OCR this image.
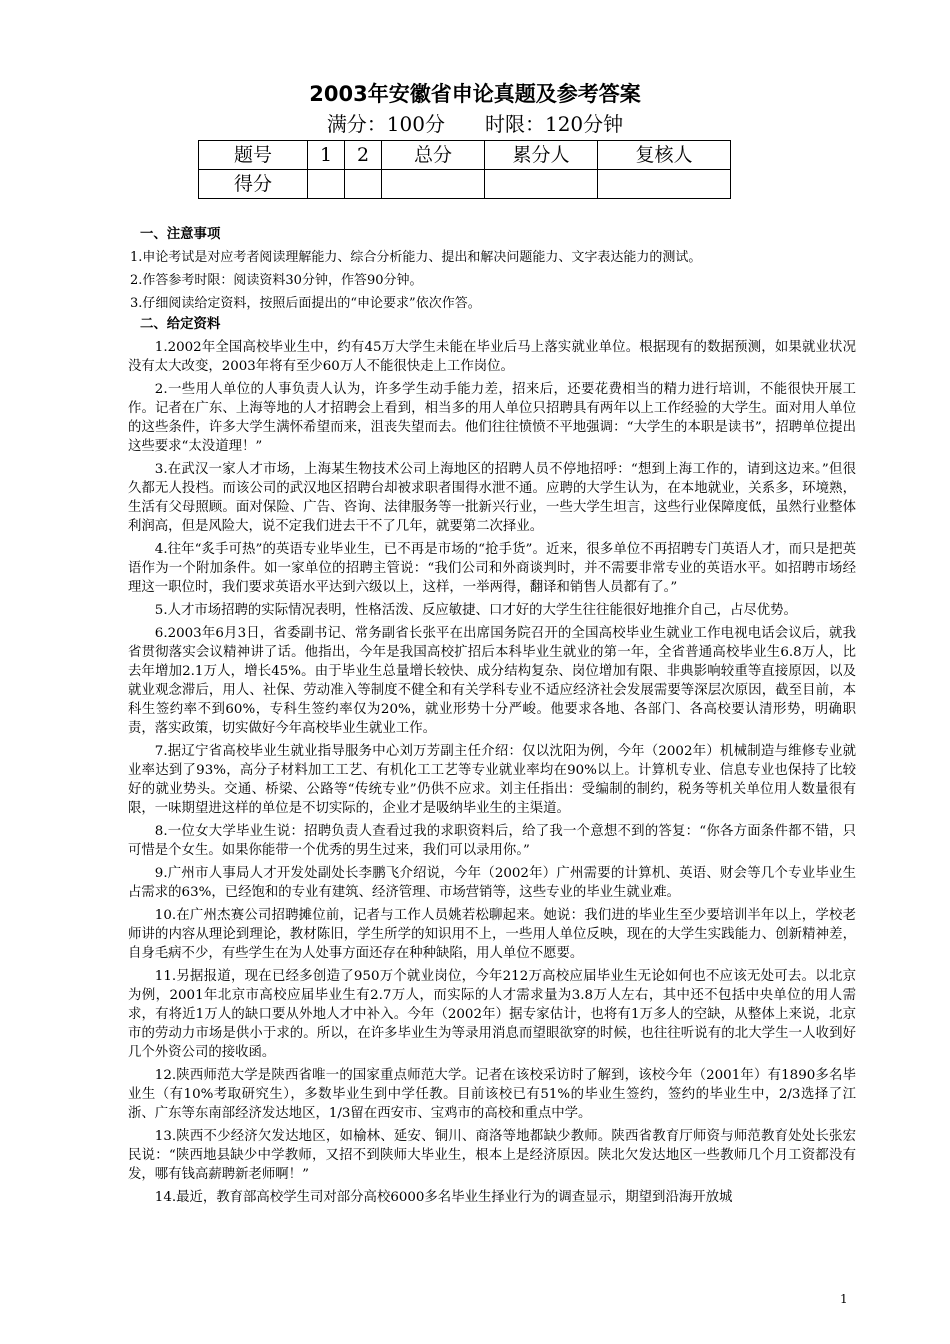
2003年安徽省申论真题及参考答案
满分：100分　　时限：120分钟
题号	1	2	总分	累分人	复核人
得分					

一、注意事项

1.申论考试是对应考者阅读理解能力、综合分析能力、提出和解决问题能力、文字表达能力的测试。

2.作答参考时限：阅读资料30分钟，作答90分钟。

3.仔细阅读给定资料，按照后面提出的“申论要求”依次作答。

二、给定资料

1.2002年全国高校毕业生中，约有45万大学生未能在毕业后马上落实就业单位。根据现有的数据预测，如果就业状况没有太大改变，2003年将有至少60万人不能很快走上工作岗位。

2.一些用人单位的人事负责人认为，许多学生动手能力差，招来后，还要花费相当的精力进行培训，不能很快开展工作。记者在广东、上海等地的人才招聘会上看到，相当多的用人单位只招聘具有两年以上工作经验的大学生。面对用人单位的这些条件，许多大学生满怀希望而来，沮丧失望而去。他们往往愤愤不平地强调：“大学生的本职是读书”，招聘单位提出这些要求“太没道理！”

3.在武汉一家人才市场，上海某生物技术公司上海地区的招聘人员不停地招呼：“想到上海工作的，请到这边来。”但很久都无人投档。而该公司的武汉地区招聘台却被求职者围得水泄不通。应聘的大学生认为，在本地就业，关系多，环境熟，生活有父母照顾。面对保险、广告、咨询、法律服务等一批新兴行业，一些大学生坦言，这些行业保障度低，虽然行业整体利润高，但是风险大，说不定我们进去干不了几年，就要第二次择业。

4.往年“炙手可热”的英语专业毕业生，已不再是市场的“抢手货”。近来，很多单位不再招聘专门英语人才，而只是把英语作为一个附加条件。如一家单位的招聘主管说：“我们公司和外商谈判时，并不需要非常专业的英语水平。如招聘市场经理这一职位时，我们要求英语水平达到六级以上，这样，一举两得，翻译和销售人员都有了。”

5.人才市场招聘的实际情况表明，性格活泼、反应敏捷、口才好的大学生往往能很好地推介自己，占尽优势。

6.2003年6月3日，省委副书记、常务副省长张平在出席国务院召开的全国高校毕业生就业工作电视电话会议后，就我省贯彻落实会议精神讲了话。他指出，今年是我国高校扩招后本科毕业生就业的第一年，全省普通高校毕业生6.8万人，比去年增加2.1万人，增长45%。由于毕业生总量增长较快、成分结构复杂、岗位增加有限、非典影响较重等直接原因，以及就业观念滞后，用人、社保、劳动准入等制度不健全和有关学科专业不适应经济社会发展需要等深层次原因，截至目前，本科生签约率不到60%，专科生签约率仅为20%，就业形势十分严峻。他要求各地、各部门、各高校要认清形势，明确职责，落实政策，切实做好今年高校毕业生就业工作。

7.据辽宁省高校毕业生就业指导服务中心刘万芳副主任介绍：仅以沈阳为例，今年（2002年）机械制造与维修专业就业率达到了93%，高分子材料加工工艺、有机化工工艺等专业就业率均在90%以上。计算机专业、信息专业也保持了比较好的就业势头。交通、桥梁、公路等“传统专业”仍供不应求。刘主任指出：受编制的制约，税务等机关单位用人数量很有限，一味期望进这样的单位是不切实际的，企业才是吸纳毕业生的主渠道。

8.一位女大学毕业生说：招聘负责人查看过我的求职资料后，给了我一个意想不到的答复：“你各方面条件都不错，只可惜是个女生。如果你能带一个优秀的男生过来，我们可以录用你。”

9.广州市人事局人才开发处副处长李鹏飞介绍说，今年（2002年）广州需要的计算机、英语、财会等几个专业毕业生占需求的63%，已经饱和的专业有建筑、经济管理、市场营销等，这些专业的毕业生就业难。

10.在广州杰赛公司招聘摊位前，记者与工作人员姚若松聊起来。她说：我们进的毕业生至少要培训半年以上，学校老师讲的内容从理论到理论，教材陈旧，学生所学的知识用不上，一些用人单位反映，现在的大学生实践能力、创新精神差，自身毛病不少，有些学生在为人处事方面还存在种种缺陷，用人单位不愿要。

11.另据报道，现在已经多创造了950万个就业岗位，今年212万高校应届毕业生无论如何也不应该无处可去。以北京为例，2001年北京市高校应届毕业生有2.7万人，而实际的人才需求量为3.8万人左右，其中还不包括中央单位的用人需求，有将近1万人的缺口要从外地人才中补入。今年（2002年）据专家估计，也将有1万多人的空缺，从整体上来说，北京市的劳动力市场是供小于求的。所以，在许多毕业生为等录用消息而望眼欲穿的时候，也往往听说有的北大学生一人收到好几个外资公司的接收函。

12.陕西师范大学是陕西省唯一的国家重点师范大学。记者在该校采访时了解到，该校今年（2001年）有1890多名毕业生（有10%考取研究生），多数毕业生到中学任教。目前该校已有51%的毕业生签约，签约的毕业生中，2/3选择了江浙、广东等东南部经济发达地区，1/3留在西安市、宝鸡市的高校和重点中学。

13.陕西不少经济欠发达地区，如榆林、延安、铜川、商洛等地都缺少教师。陕西省教育厅师资与师范教育处处长张宏民说：“陕西地县缺少中学教师，又招不到陕师大毕业生，根本上是经济原因。陕北欠发达地区一些教师几个月工资都没有发，哪有钱高薪聘新老师啊！”

14.最近，教育部高校学生司对部分高校6000多名毕业生择业行为的调查显示，期望到沿海开放城

1
